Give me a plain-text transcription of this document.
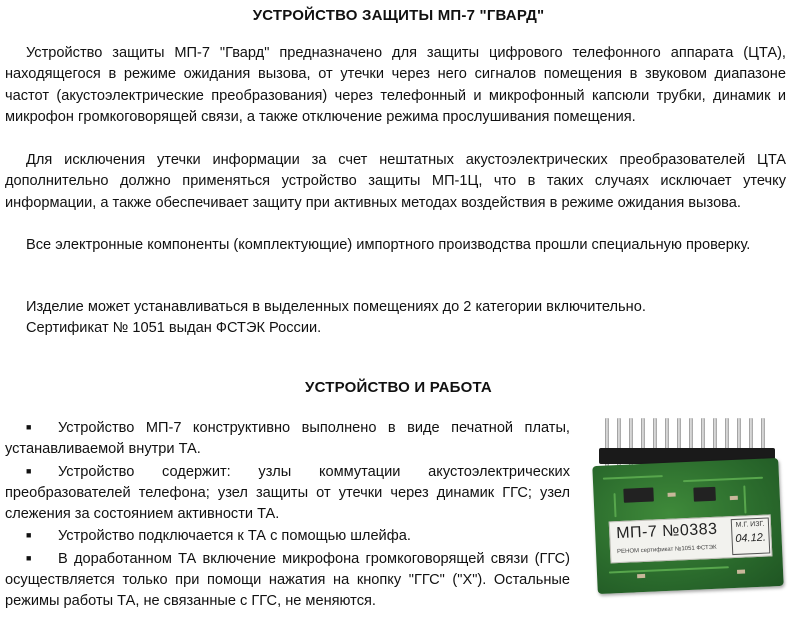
УСТРОЙСТВО ЗАЩИТЫ МП-7 "ГВАРД"

Устройство защиты МП-7 "Гвард" предназначено для защиты цифрового телефонного аппарата (ЦТА), находящегося в режиме ожидания вызова, от утечки через него сигналов помещения в звуковом диапазоне частот (акустоэлектрические преобразования) через телефонный и микрофонный капсюли трубки, динамик и микрофон громкоговорящей связи, а также отключение режима прослушивания помещения.

Для исключения утечки информации за счет нештатных акустоэлектрических преобразователей ЦТА дополнительно должно применяться устройство защиты МП-1Ц, что в таких случаях исключает утечку информации, а также обеспечивает защиту при активных методах воздействия в режиме ожидания вызова.

Все электронные компоненты (комплектующие) импортного производства прошли специальную проверку.

Изделие может устанавливаться в выделенных помещениях до 2 категории включительно.
Сертификат № 1051 выдан ФСТЭК России.
УСТРОЙСТВО И РАБОТА

■ Устройство МП-7 конструктивно выполнено в виде печатной платы, устанавливаемой внутри ТА.

■ Устройство содержит: узлы коммутации акустоэлектрических преобразователей телефона; узел защиты от утечки через динамик ГГС; узел слежения за состоянием активности ТА.

■ Устройство подключается к ТА с помощью шлейфа.

■ В доработанном ТА включение микрофона громкоговорящей связи (ГГС) осуществляется только при помощи нажатия на кнопку "ГГС" ("Х"). Остальные режимы работы ТА, не связанные с ГГС, не меняются.

МП-7 №0383
РЕНОМ сертификат №1051 ФСТЭК
М.Г. ИЗГ.
04.12.
